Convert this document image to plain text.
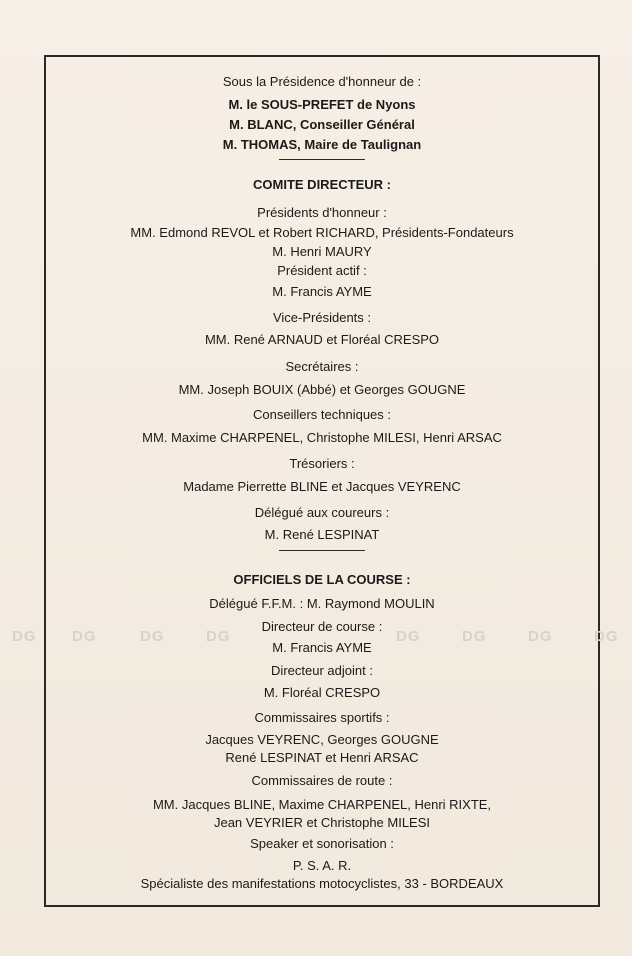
Sous la Présidence d'honneur de :
M. le SOUS-PREFET de Nyons
M. BLANC, Conseiller Général
M. THOMAS, Maire de Taulignan
COMITE DIRECTEUR :
Présidents d'honneur :
MM. Edmond REVOL et Robert RICHARD, Présidents-Fondateurs
M. Henri MAURY
Président actif :
M. Francis AYME
Vice-Présidents :
MM. René ARNAUD et Floréal CRESPO
Secrétaires :
MM. Joseph BOUIX (Abbé) et Georges GOUGNE
Conseillers techniques :
MM. Maxime CHARPENEL, Christophe MILESI, Henri ARSAC
Trésoriers :
Madame Pierrette BLINE et Jacques VEYRENC
Délégué aux coureurs :
M. René LESPINAT
OFFICIELS DE LA COURSE :
Délégué F.F.M. : M. Raymond MOULIN
Directeur de course :
M. Francis AYME
Directeur adjoint :
M. Floréal CRESPO
Commissaires sportifs :
Jacques VEYRENC, Georges GOUGNE
René LESPINAT et Henri ARSAC
Commissaires de route :
MM. Jacques BLINE, Maxime CHARPENEL, Henri RIXTE,
Jean VEYRIER et Christophe MILESI
Speaker et sonorisation :
P. S. A. R.
Spécialiste des manifestations motocyclistes, 33 - BORDEAUX
DG DG	DG	DG	DG	DG	DG	DG
